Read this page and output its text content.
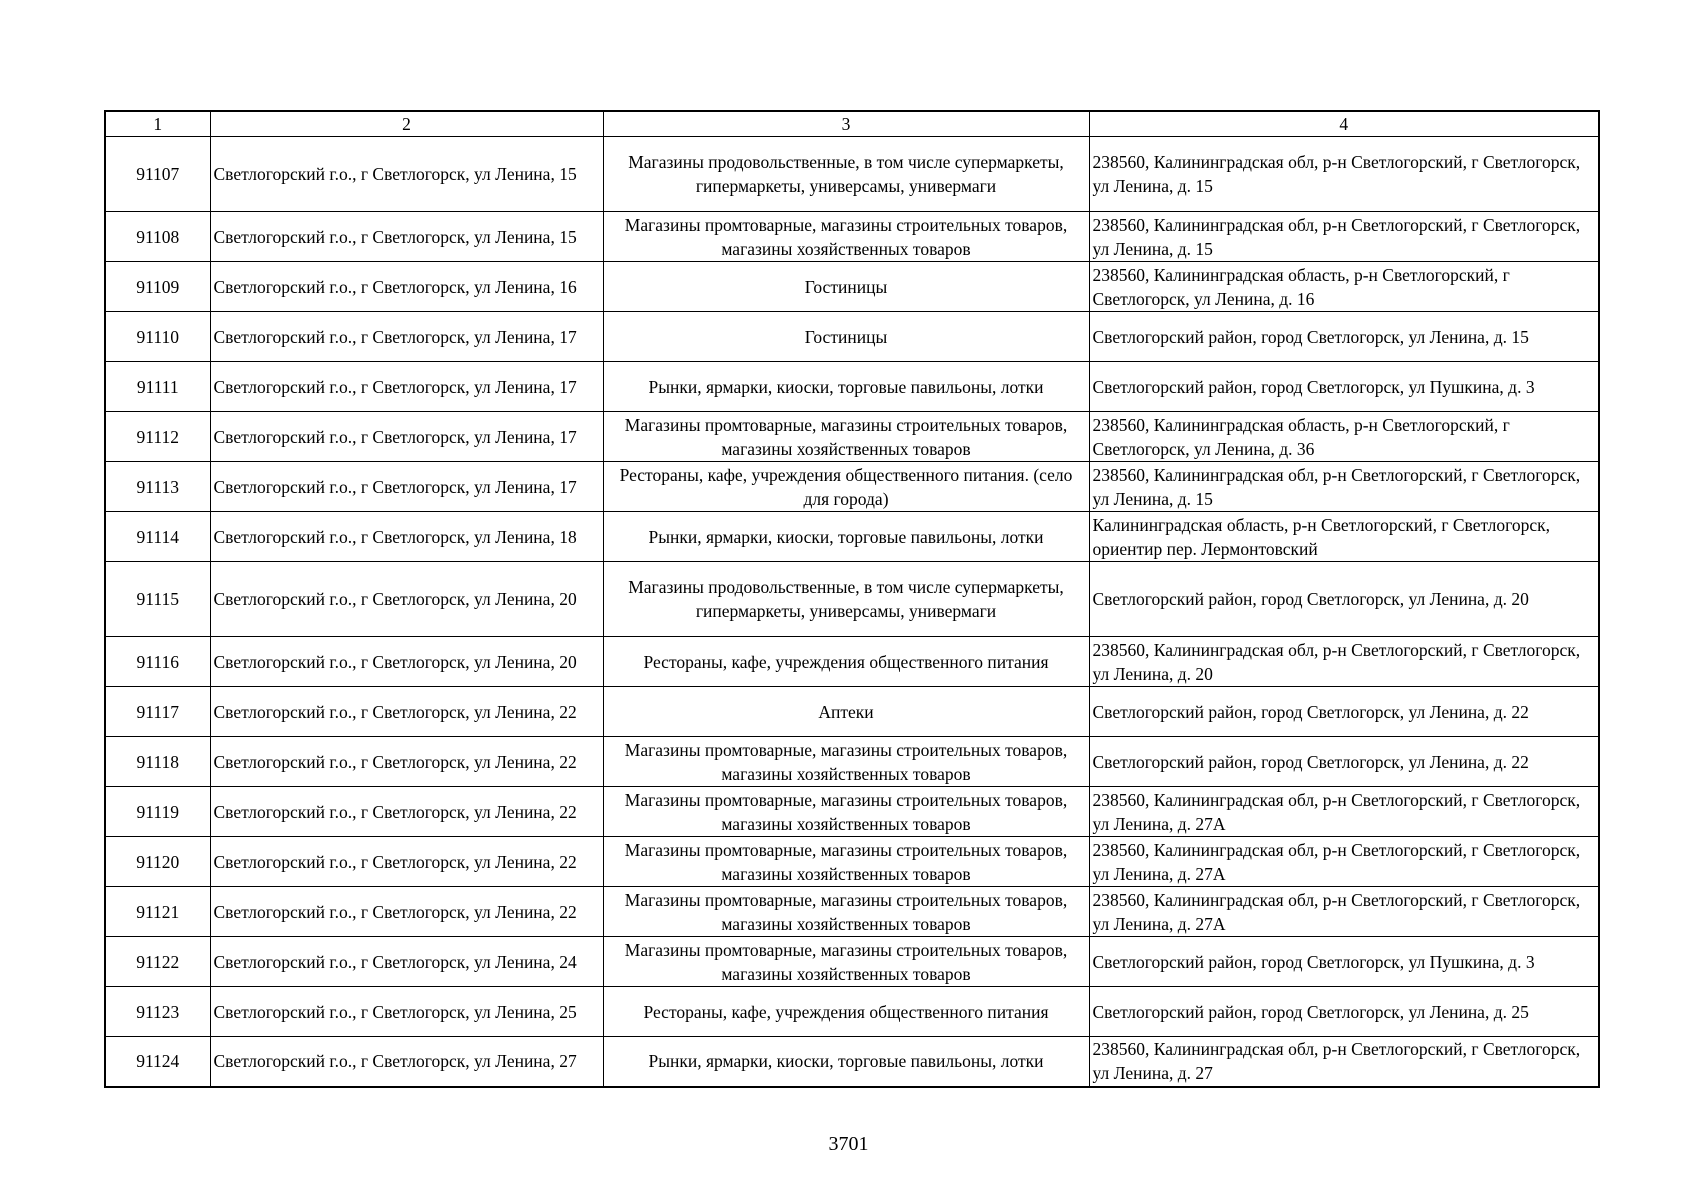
1	2	3	4
91107	Светлогорский г.о., г Светлогорск, ул Ленина, 15	Магазины продовольственные, в том числе супермаркеты, гипермаркеты, универсамы, универмаги	238560, Калининградская обл, р-н Светлогорский, г Светлогорск, ул Ленина, д. 15
91108	Светлогорский г.о., г Светлогорск, ул Ленина, 15	Магазины промтоварные, магазины строительных товаров, магазины хозяйственных товаров	238560, Калининградская обл, р-н Светлогорский, г Светлогорск, ул Ленина, д. 15
91109	Светлогорский г.о., г Светлогорск, ул Ленина, 16	Гостиницы	238560, Калининградская область, р-н Светлогорский, г Светлогорск, ул Ленина, д. 16
91110	Светлогорский г.о., г Светлогорск, ул Ленина, 17	Гостиницы	Светлогорский район, город Светлогорск, ул Ленина, д. 15
91111	Светлогорский г.о., г Светлогорск, ул Ленина, 17	Рынки, ярмарки, киоски, торговые павильоны, лотки	Светлогорский район, город Светлогорск, ул Пушкина, д. 3
91112	Светлогорский г.о., г Светлогорск, ул Ленина, 17	Магазины промтоварные, магазины строительных товаров, магазины хозяйственных товаров	238560, Калининградская область, р-н Светлогорский, г Светлогорск, ул Ленина, д. 36
91113	Светлогорский г.о., г Светлогорск, ул Ленина, 17	Рестораны, кафе, учреждения общественного питания. (село для города)	238560, Калининградская обл, р-н Светлогорский, г Светлогорск, ул Ленина, д. 15
91114	Светлогорский г.о., г Светлогорск, ул Ленина, 18	Рынки, ярмарки, киоски, торговые павильоны, лотки	Калининградская область, р-н Светлогорский, г Светлогорск, ориентир пер. Лермонтовский
91115	Светлогорский г.о., г Светлогорск, ул Ленина, 20	Магазины продовольственные, в том числе супермаркеты, гипермаркеты, универсамы, универмаги	Светлогорский район, город Светлогорск, ул Ленина, д. 20
91116	Светлогорский г.о., г Светлогорск, ул Ленина, 20	Рестораны, кафе, учреждения общественного питания	238560, Калининградская обл, р-н Светлогорский, г Светлогорск, ул Ленина, д. 20
91117	Светлогорский г.о., г Светлогорск, ул Ленина, 22	Аптеки	Светлогорский район, город Светлогорск, ул Ленина, д. 22
91118	Светлогорский г.о., г Светлогорск, ул Ленина, 22	Магазины промтоварные, магазины строительных товаров, магазины хозяйственных товаров	Светлогорский район, город Светлогорск, ул Ленина, д. 22
91119	Светлогорский г.о., г Светлогорск, ул Ленина, 22	Магазины промтоварные, магазины строительных товаров, магазины хозяйственных товаров	238560, Калининградская обл, р-н Светлогорский, г Светлогорск, ул Ленина, д. 27А
91120	Светлогорский г.о., г Светлогорск, ул Ленина, 22	Магазины промтоварные, магазины строительных товаров, магазины хозяйственных товаров	238560, Калининградская обл, р-н Светлогорский, г Светлогорск, ул Ленина, д. 27А
91121	Светлогорский г.о., г Светлогорск, ул Ленина, 22	Магазины промтоварные, магазины строительных товаров, магазины хозяйственных товаров	238560, Калининградская обл, р-н Светлогорский, г Светлогорск, ул Ленина, д. 27А
91122	Светлогорский г.о., г Светлогорск, ул Ленина, 24	Магазины промтоварные, магазины строительных товаров, магазины хозяйственных товаров	Светлогорский район, город Светлогорск, ул Пушкина, д. 3
91123	Светлогорский г.о., г Светлогорск, ул Ленина, 25	Рестораны, кафе, учреждения общественного питания	Светлогорский район, город Светлогорск, ул Ленина, д. 25
91124	Светлогорский г.о., г Светлогорск, ул Ленина, 27	Рынки, ярмарки, киоски, торговые павильоны, лотки	238560, Калининградская обл, р-н Светлогорский, г Светлогорск, ул Ленина, д. 27
3701
